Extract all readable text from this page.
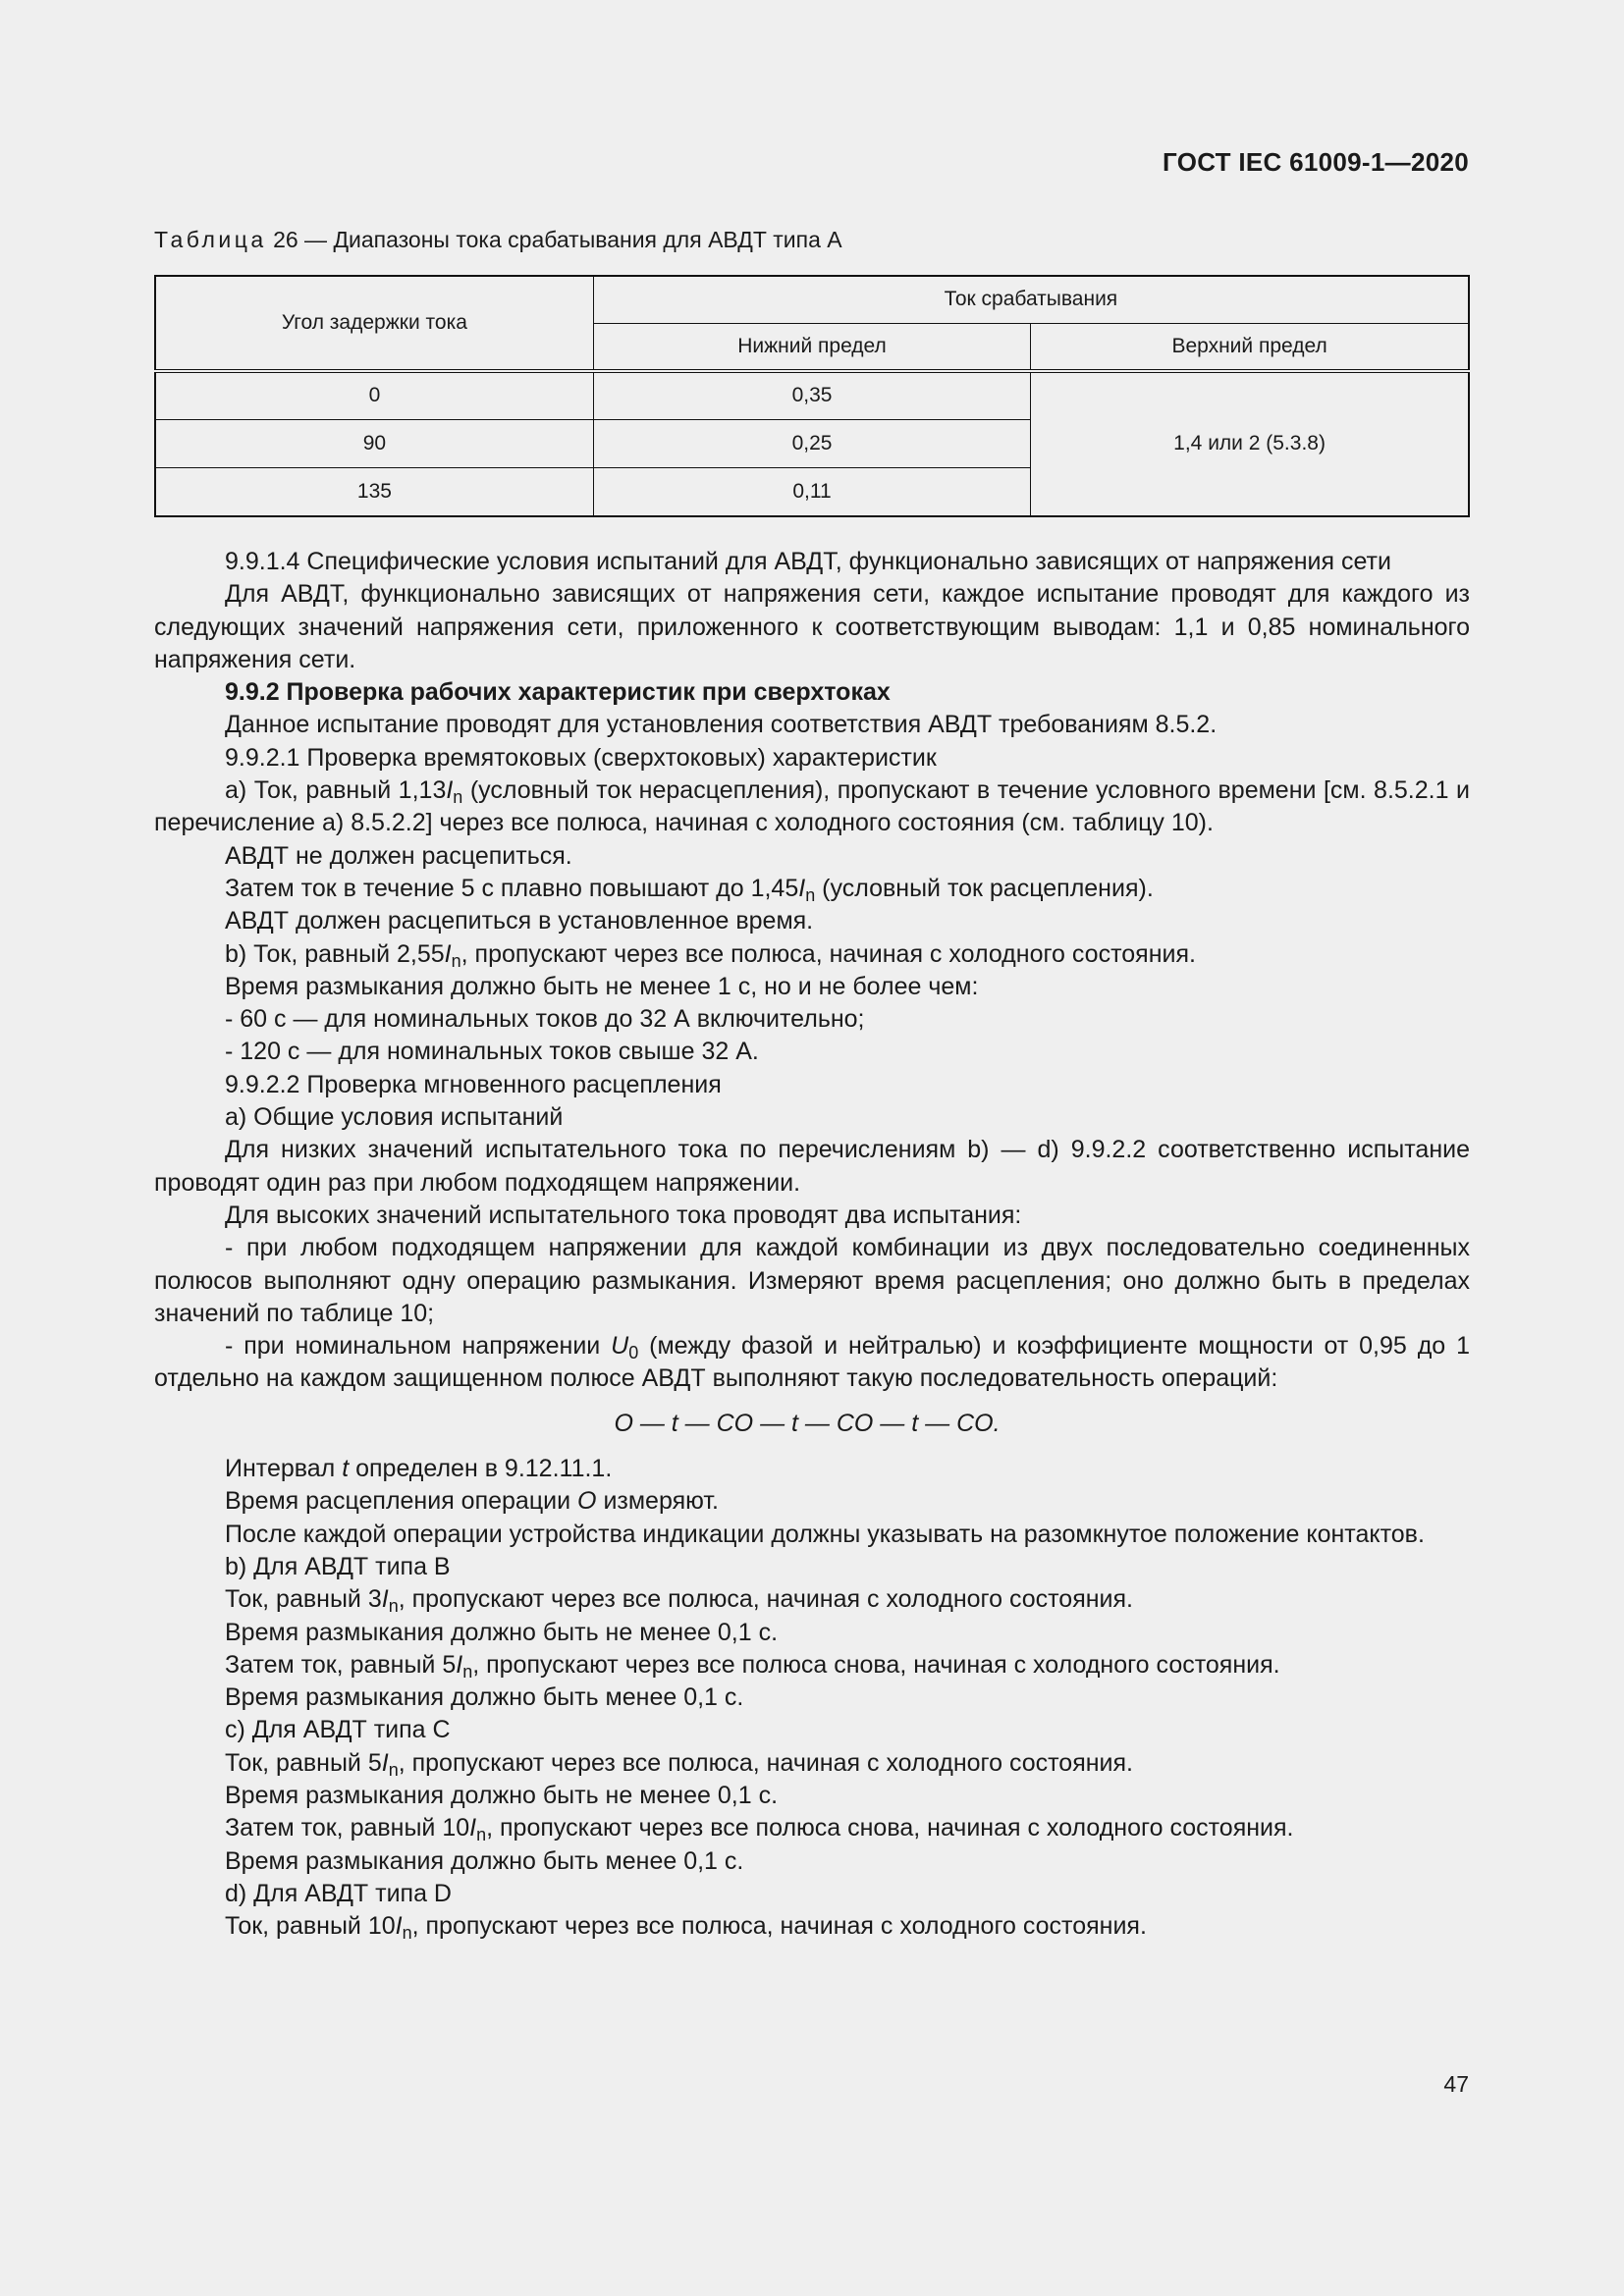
ГОСТ IEC 61009-1—2020
Таблица 26 — Диапазоны тока срабатывания для АВДТ типа А
Угол задержки тока	Ток срабатывания	
	Нижний предел	Верхний предел
0	0,35	1,4 или 2 (5.3.8)
90	0,25	
135	0,11	

9.9.1.4 Специфические условия испытаний для АВДТ, функционально зависящих от напряжения сети

Для АВДТ, функционально зависящих от напряжения сети, каждое испытание проводят для каждого из следующих значений напряжения сети, приложенного к соответствующим выводам: 1,1 и 0,85 номинального напряжения сети.

9.9.2 Проверка рабочих характеристик при сверхтоках

Данное испытание проводят для установления соответствия АВДТ требованиям 8.5.2.

9.9.2.1 Проверка времятоковых (сверхтоковых) характеристик

а) Ток, равный $1,13I_n$ (условный ток нерасцепления), пропускают в течение условного времени [см. 8.5.2.1 и перечисление а) 8.5.2.2] через все полюса, начиная с холодного состояния (см. таблицу 10).

АВДТ не должен расцепиться.

Затем ток в течение 5 с плавно повышают до $1,45I_n$ (условный ток расцепления).

АВДТ должен расцепиться в установленное время.

b) Ток, равный $2,55I_n$, пропускают через все полюса, начиная с холодного состояния.

Время размыкания должно быть не менее 1 с, но и не более чем:

- 60 с — для номинальных токов до 32 А включительно;

- 120 с — для номинальных токов свыше 32 А.

9.9.2.2 Проверка мгновенного расцепления

а) Общие условия испытаний

Для низких значений испытательного тока по перечислениям b) — d) 9.9.2.2 соответственно испытание проводят один раз при любом подходящем напряжении.

Для высоких значений испытательного тока проводят два испытания:

- при любом подходящем напряжении для каждой комбинации из двух последовательно соединенных полюсов выполняют одну операцию размыкания. Измеряют время расцепления; оно должно быть в пределах значений по таблице 10;

- при номинальном напряжении $U_0$ (между фазой и нейтралью) и коэффициенте мощности от 0,95 до 1 отдельно на каждом защищенном полюсе АВДТ выполняют такую последовательность операций:

O — t — CO — t — CO — t — CO.

Интервал t определен в 9.12.11.1.

Время расцепления операции O измеряют.

После каждой операции устройства индикации должны указывать на разомкнутое положение контактов.

b) Для АВДТ типа В

Ток, равный $3I_n$, пропускают через все полюса, начиная с холодного состояния.

Время размыкания должно быть не менее 0,1 с.

Затем ток, равный $5I_n$, пропускают через все полюса снова, начиная с холодного состояния.

Время размыкания должно быть менее 0,1 с.

с) Для АВДТ типа С

Ток, равный $5I_n$, пропускают через все полюса, начиная с холодного состояния.

Время размыкания должно быть не менее 0,1 с.

Затем ток, равный $10I_n$, пропускают через все полюса снова, начиная с холодного состояния.

Время размыкания должно быть менее 0,1 с.

d) Для АВДТ типа D

Ток, равный $10I_n$, пропускают через все полюса, начиная с холодного состояния.

47
